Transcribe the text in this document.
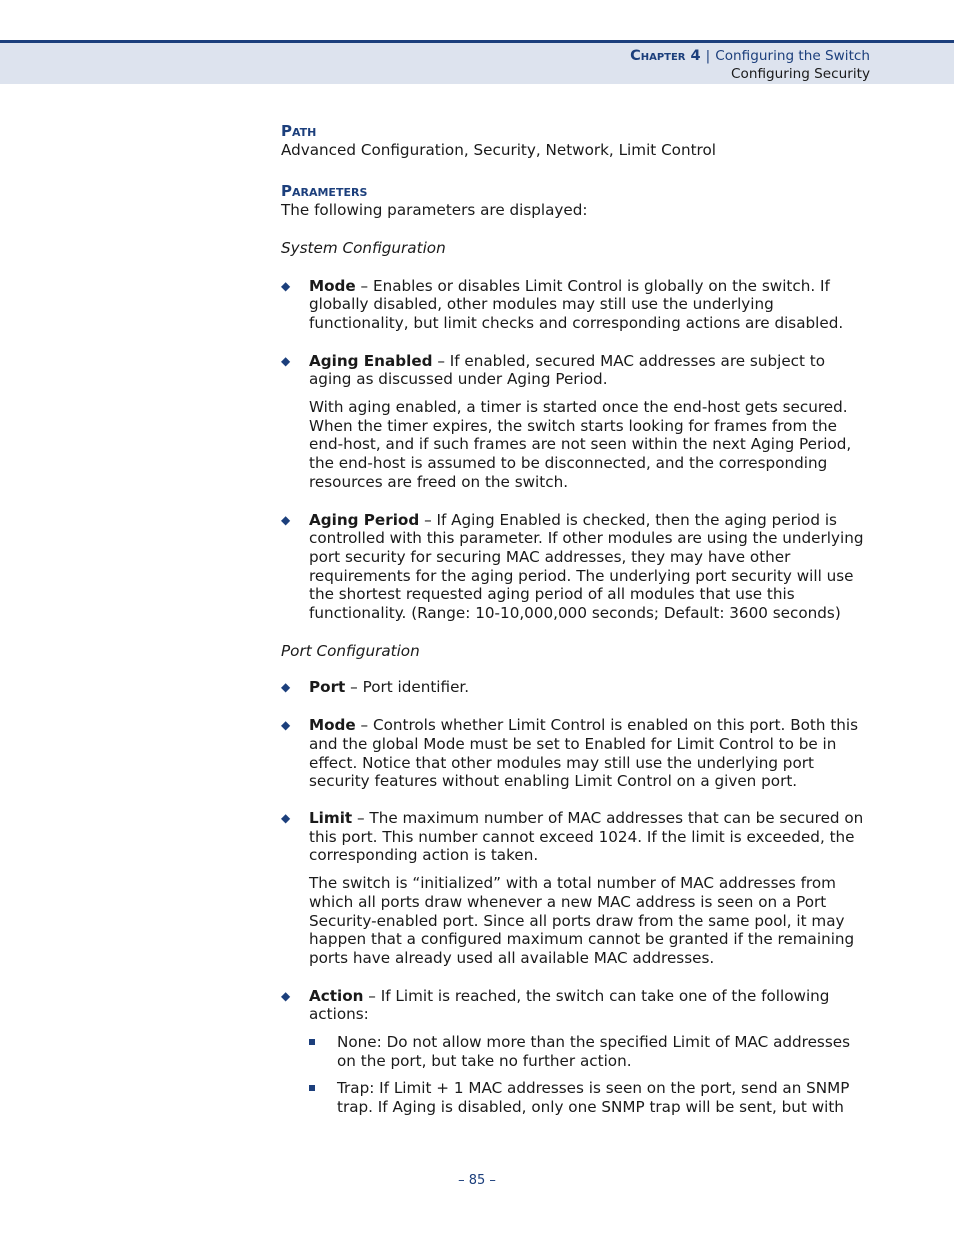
Chapter 4 | Configuring the Switch
Configuring Security
Path

Advanced Configuration, Security, Network, Limit Control

Parameters

The following parameters are displayed:

System Configuration

◆ Mode – Enables or disables Limit Control is globally on the switch. If globally disabled, other modules may still use the underlying functionality, but limit checks and corresponding actions are disabled.
◆ Aging Enabled – If enabled, secured MAC addresses are subject to aging as discussed under Aging Period.

With aging enabled, a timer is started once the end-host gets secured. When the timer expires, the switch starts looking for frames from the end-host, and if such frames are not seen within the next Aging Period, the end-host is assumed to be disconnected, and the corresponding resources are freed on the switch.

◆ Aging Period – If Aging Enabled is checked, then the aging period is controlled with this parameter. If other modules are using the underlying port security for securing MAC addresses, they may have other requirements for the aging period. The underlying port security will use the shortest requested aging period of all modules that use this functionality. (Range: 10-10,000,000 seconds; Default: 3600 seconds)

Port Configuration

◆ Port – Port identifier.
◆ Mode – Controls whether Limit Control is enabled on this port. Both this and the global Mode must be set to Enabled for Limit Control to be in effect. Notice that other modules may still use the underlying port security features without enabling Limit Control on a given port.
◆ Limit – The maximum number of MAC addresses that can be secured on this port. This number cannot exceed 1024. If the limit is exceeded, the corresponding action is taken.

The switch is “initialized” with a total number of MAC addresses from which all ports draw whenever a new MAC address is seen on a Port Security-enabled port. Since all ports draw from the same pool, it may happen that a configured maximum cannot be granted if the remaining ports have already used all available MAC addresses.

◆ Action – If Limit is reached, the switch can take one of the following actions:
None: Do not allow more than the specified Limit of MAC addresses on the port, but take no further action.
Trap: If Limit + 1 MAC addresses is seen on the port, send an SNMP trap. If Aging is disabled, only one SNMP trap will be sent, but with
– 85 –
